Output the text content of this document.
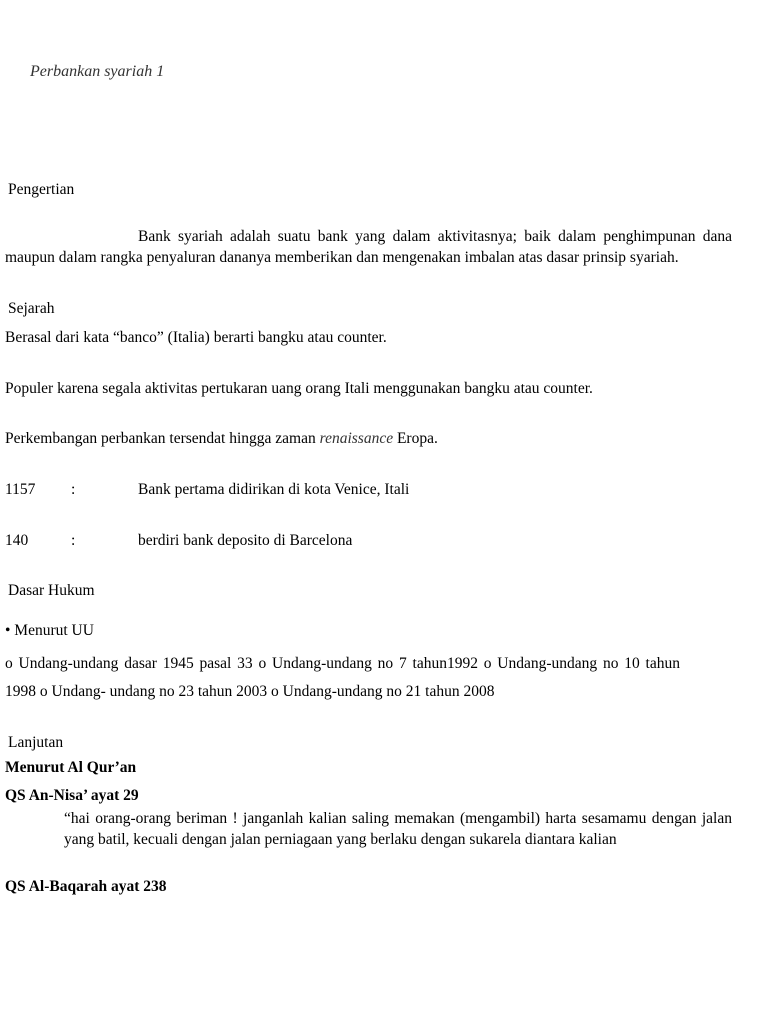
Perbankan syariah 1
Pengertian
Bank syariah adalah suatu bank yang dalam aktivitasnya; baik dalam penghimpunan dana maupun dalam rangka penyaluran dananya memberikan dan mengenakan imbalan atas dasar prinsip syariah.
Sejarah
Berasal dari kata “banco” (Italia) berarti bangku atau counter.
Populer karena segala aktivitas pertukaran uang orang Itali menggunakan bangku atau counter.
Perkembangan perbankan tersendat hingga zaman renaissance Eropa.
1157 :	Bank pertama didirikan di kota Venice, Itali
140	:	berdiri bank deposito di Barcelona
Dasar Hukum
• Menurut UU
o Undang-undang dasar 1945 pasal 33 o Undang-undang no 7 tahun1992 o Undang-undang no 10 tahun 1998 o Undang- undang no 23 tahun 2003 o Undang-undang no 21 tahun 2008
Lanjutan
Menurut Al Qur’an
QS An-Nisa’ ayat 29
“hai orang-orang beriman ! janganlah kalian saling memakan (mengambil) harta sesamamu dengan jalan yang batil, kecuali dengan jalan perniagaan yang berlaku dengan sukarela diantara kalian
QS Al-Baqarah ayat 238
